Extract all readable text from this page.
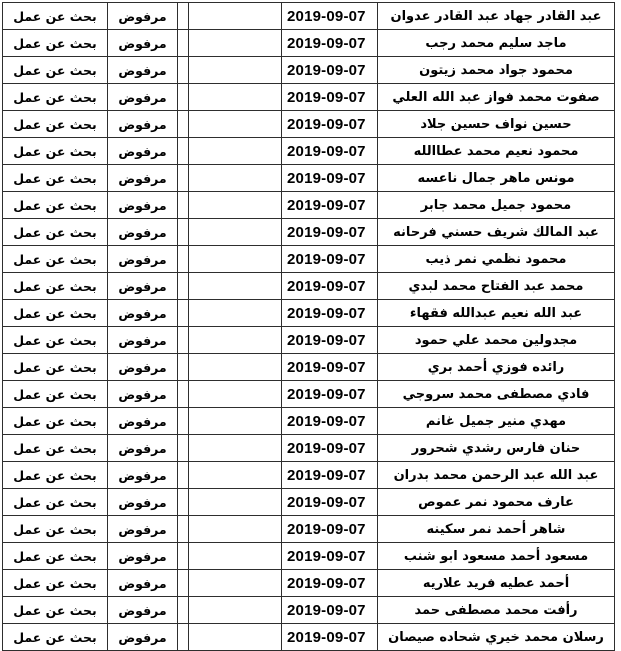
بحث عن عمل	مرفوض			2019-09-07	عبد القادر جهاد عبد القادر عدوان
بحث عن عمل	مرفوض			2019-09-07	ماجد سليم محمد رجب
بحث عن عمل	مرفوض			2019-09-07	محمود جواد محمد زيتون
بحث عن عمل	مرفوض			2019-09-07	صفوت محمد فواز عبد الله العلي
بحث عن عمل	مرفوض			2019-09-07	حسين نواف حسين جلاد
بحث عن عمل	مرفوض			2019-09-07	محمود نعيم محمد عطاالله
بحث عن عمل	مرفوض			2019-09-07	مونس ماهر جمال ناعسه
بحث عن عمل	مرفوض			2019-09-07	محمود جميل محمد جابر
بحث عن عمل	مرفوض			2019-09-07	عبد المالك شريف حسني فرحانه
بحث عن عمل	مرفوض			2019-09-07	محمود نظمي نمر ذيب
بحث عن عمل	مرفوض			2019-09-07	محمد عبد الفتاح محمد لبدي
بحث عن عمل	مرفوض			2019-09-07	عبد الله نعيم عبدالله فقهاء
بحث عن عمل	مرفوض			2019-09-07	مجدولين محمد علي حمود
بحث عن عمل	مرفوض			2019-09-07	رائده فوزي أحمد بري
بحث عن عمل	مرفوض			2019-09-07	فادي مصطفى محمد سروجي
بحث عن عمل	مرفوض			2019-09-07	مهدي منير جميل غانم
بحث عن عمل	مرفوض			2019-09-07	حنان فارس رشدي شحرور
بحث عن عمل	مرفوض			2019-09-07	عبد الله عبد الرحمن محمد بدران
بحث عن عمل	مرفوض			2019-09-07	عارف محمود نمر عموص
بحث عن عمل	مرفوض			2019-09-07	شاهر أحمد نمر سكينه
بحث عن عمل	مرفوض			2019-09-07	مسعود أحمد مسعود ابو شنب
بحث عن عمل	مرفوض			2019-09-07	أحمد عطيه فريد علاريه
بحث عن عمل	مرفوض			2019-09-07	رأفت محمد مصطفى حمد
بحث عن عمل	مرفوض			2019-09-07	رسلان محمد خيري شحاده صيصان
